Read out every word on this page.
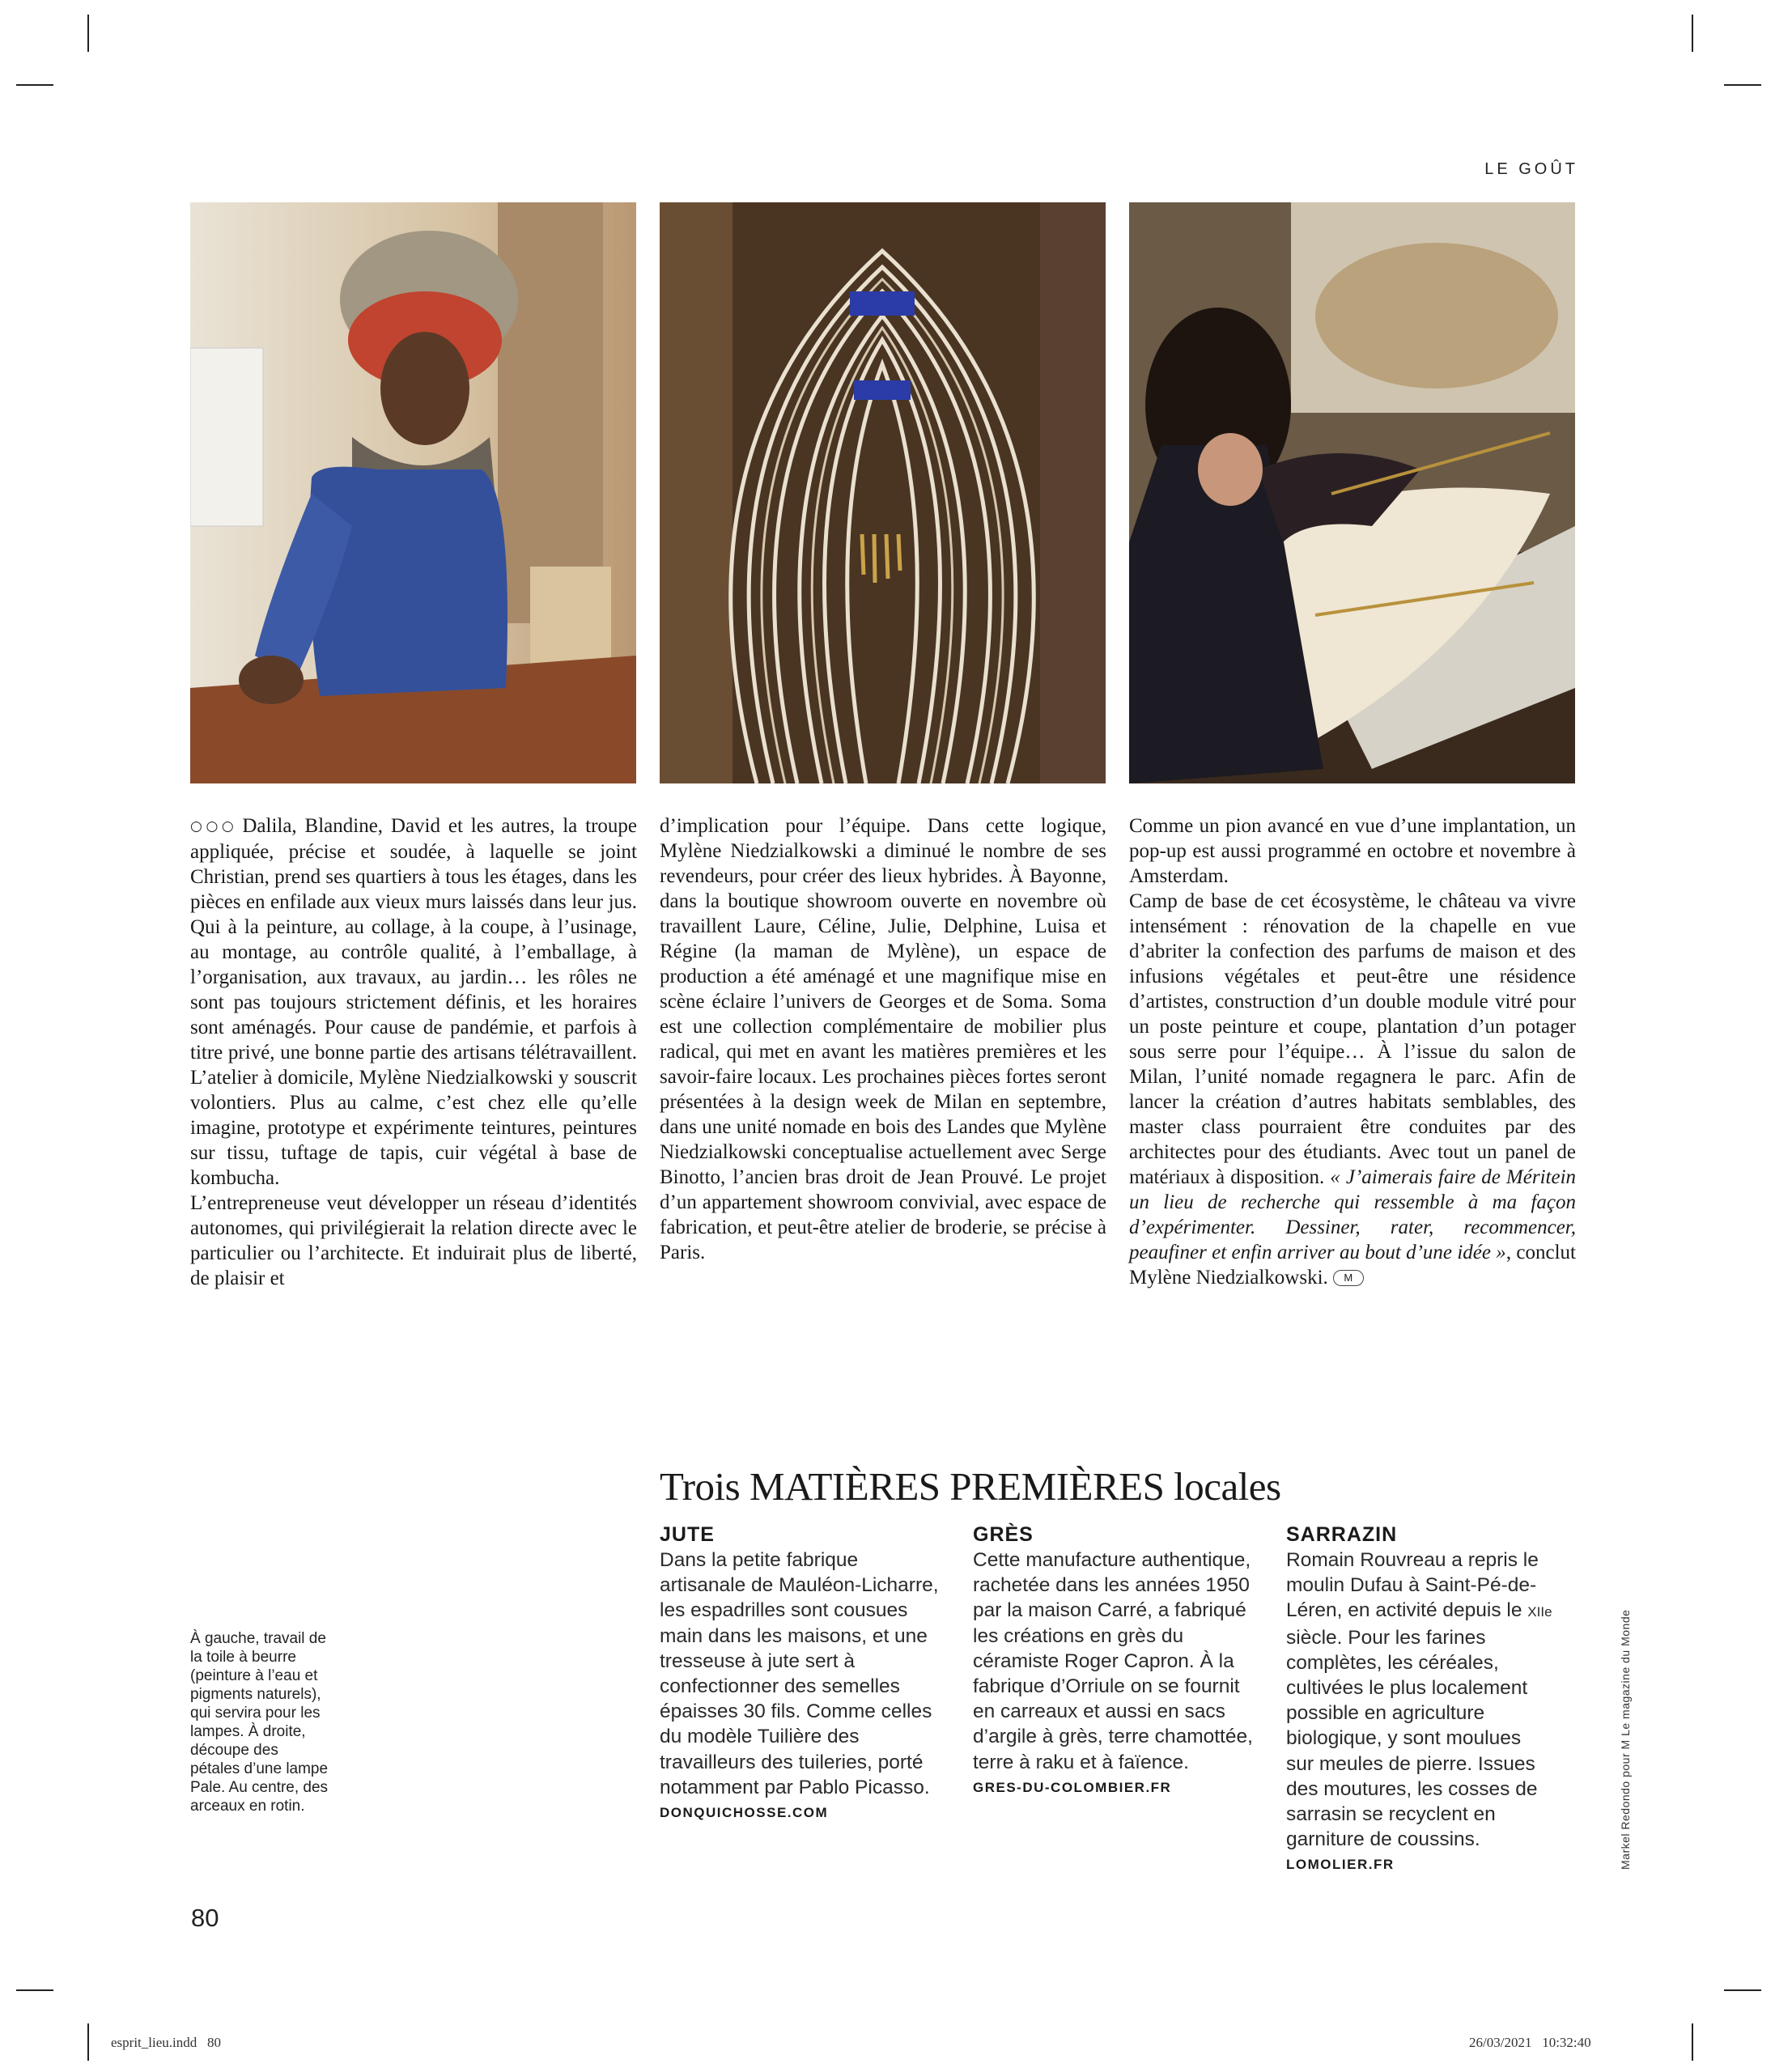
LE GOÛT

○○○ Dalila, Blandine, David et les autres, la troupe appliquée, précise et soudée, à laquelle se joint Christian, prend ses quartiers à tous les étages, dans les pièces en enfilade aux vieux murs laissés dans leur jus. Qui à la peinture, au collage, à la coupe, à l’usinage, au montage, au contrôle qualité, à l’emballage, à l’organisation, aux travaux, au jardin… les rôles ne sont pas toujours strictement définis, et les horaires sont aménagés. Pour cause de pandémie, et parfois à titre privé, une bonne partie des artisans télétravaillent. L’atelier à domicile, Mylène Niedzialkowski y souscrit volontiers. Plus au calme, c’est chez elle qu’elle imagine, prototype et expérimente teintures, peintures sur tissu, tuftage de tapis, cuir végétal à base de kombucha.

L’entrepreneuse veut développer un réseau d’identités autonomes, qui privilégierait la relation directe avec le particulier ou l’architecte. Et induirait plus de liberté, de plaisir et

d’implication pour l’équipe. Dans cette logique, Mylène Niedzialkowski a diminué le nombre de ses revendeurs, pour créer des lieux hybrides. À Bayonne, dans la boutique showroom ouverte en novembre où travaillent Laure, Céline, Julie, Delphine, Luisa et Régine (la maman de Mylène), un espace de production a été aménagé et une magnifique mise en scène éclaire l’univers de Georges et de Soma. Soma est une collection complémentaire de mobilier plus radical, qui met en avant les matières premières et les savoir-faire locaux. Les prochaines pièces fortes seront présentées à la design week de Milan en septembre, dans une unité nomade en bois des Landes que Mylène Niedzialkowski conceptualise actuellement avec Serge Binotto, l’ancien bras droit de Jean Prouvé. Le projet d’un appartement showroom convivial, avec espace de fabrication, et peut-être atelier de broderie, se précise à Paris.

Comme un pion avancé en vue d’une implantation, un pop-up est aussi programmé en octobre et novembre à Amsterdam.

Camp de base de cet écosystème, le château va vivre intensément : rénovation de la chapelle en vue d’abriter la confection des parfums de maison et des infusions végétales et peut-être une résidence d’artistes, construction d’un double module vitré pour un poste peinture et coupe, plantation d’un potager sous serre pour l’équipe… À l’issue du salon de Milan, l’unité nomade regagnera le parc. Afin de lancer la création d’autres habitats semblables, des master class pourraient être conduites par des architectes pour des étudiants. Avec tout un panel de matériaux à disposition. « J’aimerais faire de Méritein un lieu de recherche qui ressemble à ma façon d’expérimenter. Dessiner, rater, recommencer, peaufiner et enfin arriver au bout d’une idée », conclut Mylène Niedzialkowski. M

Trois MATIÈRES PREMIÈRES locales
JUTE
Dans la petite fabrique artisanale de Mauléon-Licharre, les espadrilles sont cousues main dans les maisons, et une tresseuse à jute sert à confectionner des semelles épaisses 30 fils. Comme celles du modèle Tuilière des travailleurs des tuileries, porté notamment par Pablo Picasso.
DONQUICHOSSE.COM
GRÈS
Cette manufacture authentique, rachetée dans les années 1950 par la maison Carré, a fabriqué les créations en grès du céramiste Roger Capron. À la fabrique d’Orriule on se fournit en carreaux et aussi en sacs d’argile à grès, terre chamottée, terre à raku et à faïence.
GRES-DU-COLOMBIER.FR
SARRAZIN
Romain Rouvreau a repris le moulin Dufau à Saint-Pé-de-Léren, en activité depuis le XIIe siècle. Pour les farines complètes, les céréales, cultivées le plus localement possible en agriculture biologique, y sont moulues sur meules de pierre. Issues des moutures, les cosses de sarrasin se recyclent en garniture de coussins.
LOMOLIER.FR
À gauche, travail de la toile à beurre (peinture à l’eau et pigments naturels), qui servira pour les lampes. À droite, découpe des pétales d’une lampe Pale. Au centre, des arceaux en rotin.
80
Markel Redondo pour M Le magazine du Monde
esprit_lieu.indd   80	26/03/2021   10:32:40
